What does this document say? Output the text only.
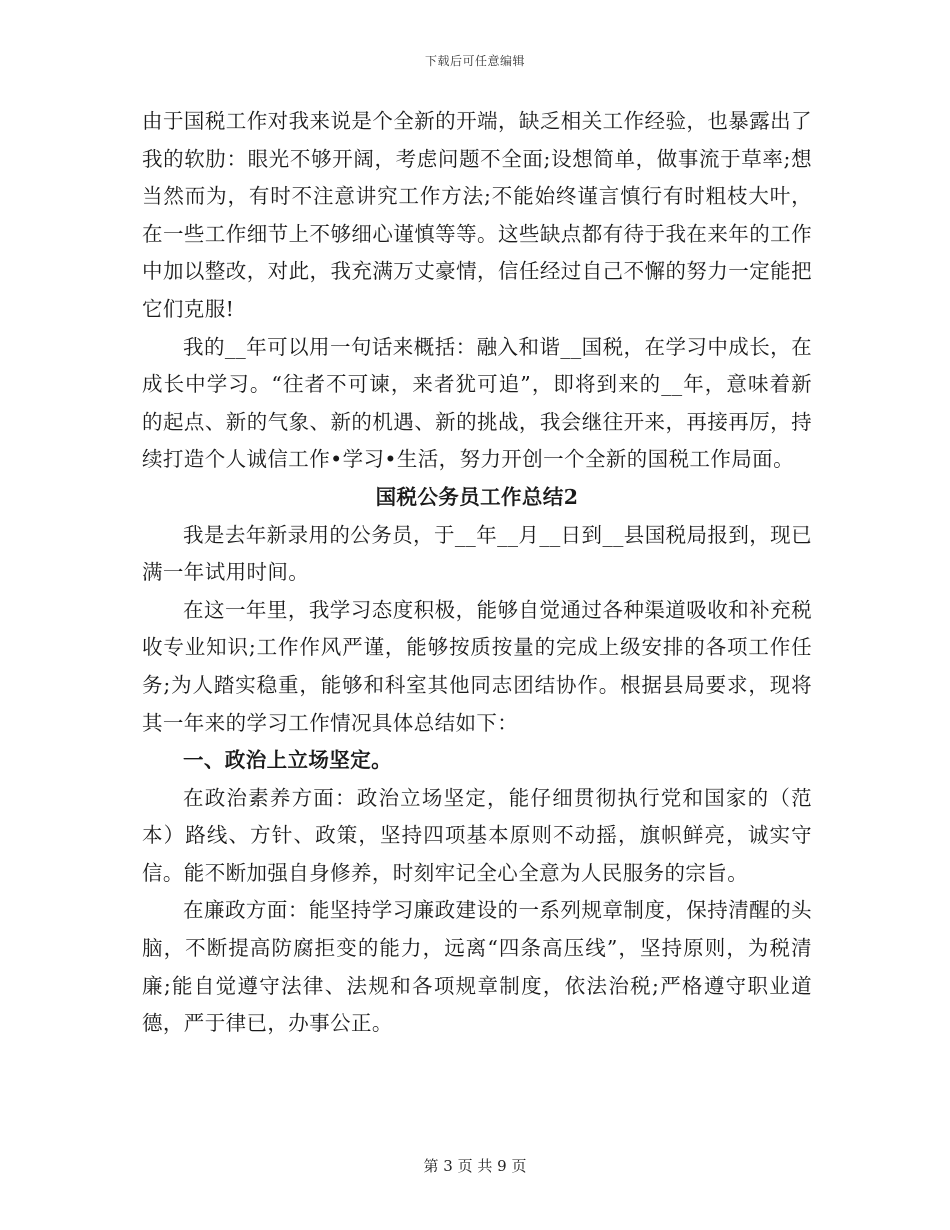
下载后可任意编辑

由于国税工作对我来说是个全新的开端，缺乏相关工作经验，也暴露出了我的软肋：眼光不够开阔，考虑问题不全面;设想简单，做事流于草率;想当然而为，有时不注意讲究工作方法;不能始终谨言慎行有时粗枝大叶，在一些工作细节上不够细心谨慎等等。这些缺点都有待于我在来年的工作中加以整改，对此，我充满万丈豪情，信任经过自己不懈的努力一定能把它们克服!

我的__年可以用一句话来概括：融入和谐__国税，在学习中成长，在成长中学习。“往者不可谏，来者犹可追”，即将到来的__年，意味着新的起点、新的气象、新的机遇、新的挑战，我会继往开来，再接再厉，持续打造个人诚信工作•学习•生活，努力开创一个全新的国税工作局面。

国税公务员工作总结2

我是去年新录用的公务员，于__年__月__日到__县国税局报到，现已满一年试用时间。

在这一年里，我学习态度积极，能够自觉通过各种渠道吸收和补充税收专业知识;工作作风严谨，能够按质按量的完成上级安排的各项工作任务;为人踏实稳重，能够和科室其他同志团结协作。根据县局要求，现将其一年来的学习工作情况具体总结如下：

一、政治上立场坚定。

在政治素养方面：政治立场坚定，能仔细贯彻执行党和国家的（范本）路线、方针、政策，坚持四项基本原则不动摇，旗帜鲜亮，诚实守信。能不断加强自身修养，时刻牢记全心全意为人民服务的宗旨。

在廉政方面：能坚持学习廉政建设的一系列规章制度，保持清醒的头脑，不断提高防腐拒变的能力，远离“四条高压线”，坚持原则，为税清廉;能自觉遵守法律、法规和各项规章制度，依法治税;严格遵守职业道德，严于律已，办事公正。

第 3 页 共 9 页
